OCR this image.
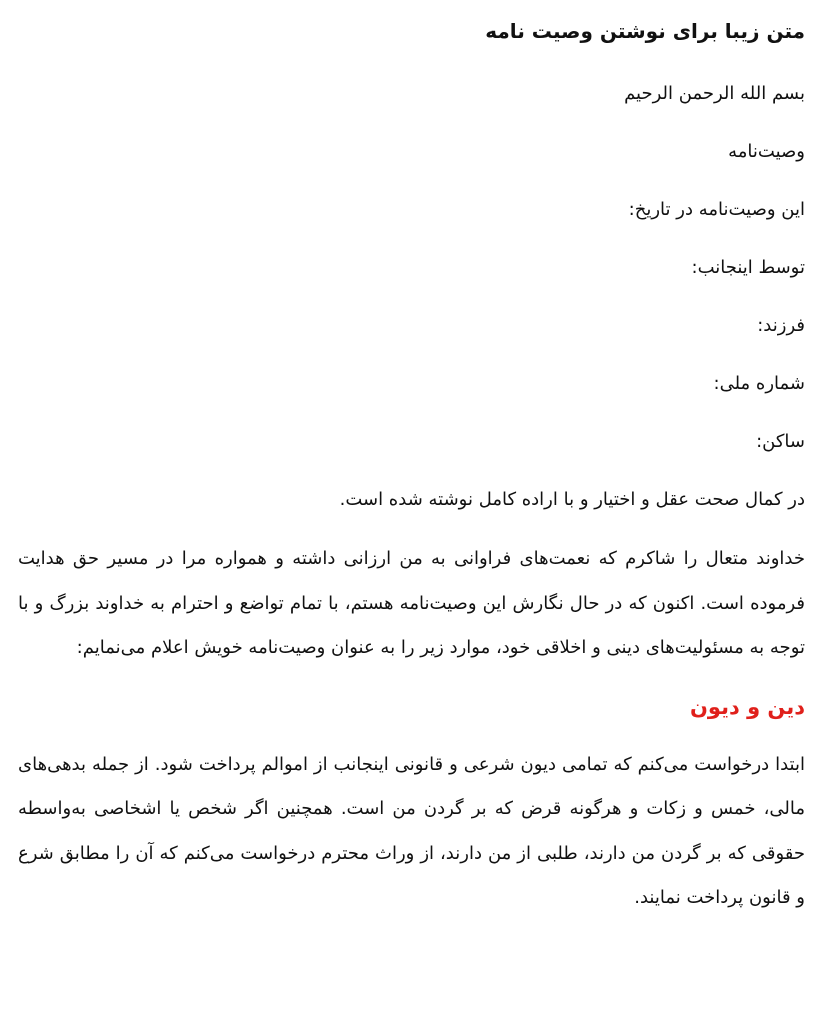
متن زیبا برای نوشتن وصیت نامه

بسم الله الرحمن الرحیم

وصیت‌نامه

این وصیت‌نامه در تاریخ:

توسط اینجانب:

فرزند:

شماره ملی:

ساکن:

در کمال صحت عقل و اختیار و با اراده کامل نوشته شده است.

خداوند متعال را شاکرم که نعمت‌های فراوانی به من ارزانی داشته و همواره مرا در مسیر حق هدایت فرموده است. اکنون که در حال نگارش این وصیت‌نامه هستم، با تمام تواضع و احترام به خداوند بزرگ و با توجه به مسئولیت‌های دینی و اخلاقی خود، موارد زیر را به عنوان وصیت‌نامه خویش اعلام می‌نمایم:

دین و دیون

ابتدا درخواست می‌کنم که تمامی دیون شرعی و قانونی اینجانب از اموالم پرداخت شود. از جمله بدهی‌های مالی، خمس و زکات و هرگونه قرض که بر گردن من است. همچنین اگر شخص یا اشخاصی به‌واسطه حقوقی که بر گردن من دارند، طلبی از من دارند، از وراث محترم درخواست می‌کنم که آن را مطابق شرع و قانون پرداخت نمایند.
